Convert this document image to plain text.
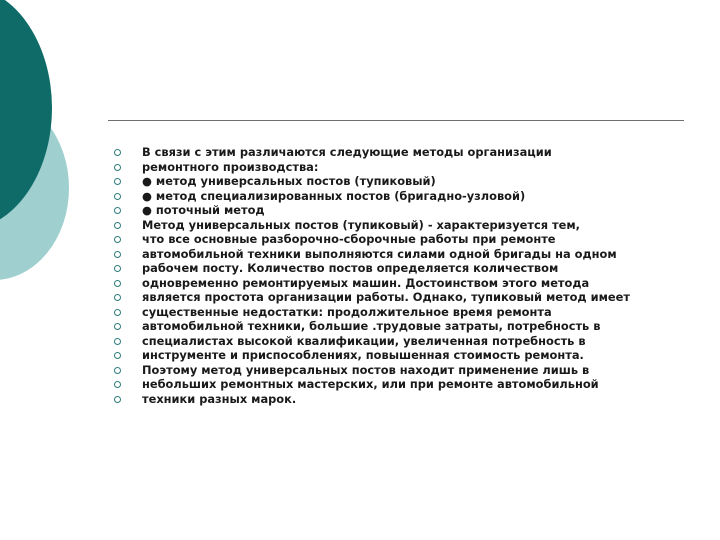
В связи с этим различаются следующие методы организации
ремонтного производства:
● метод универсальных постов (тупиковый)
● метод специализированных постов (бригадно-узловой)
● поточный метод
Метод универсальных постов (тупиковый) - характеризуется тем,
что все основные разборочно-сборочные работы при ремонте
автомобильной техники выполняются силами одной бригады на одном
рабочем посту. Количество постов определяется количеством
одновременно ремонтируемых машин. Достоинством этого метода
является простота организации работы. Однако, тупиковый метод имеет
существенные недостатки: продолжительное время ремонта
автомобильной техники, большие .трудовые затраты, потребность в
специалистах высокой квалификации, увеличенная потребность в
инструменте и приспособлениях, повышенная стоимость ремонта.
Поэтому метод универсальных постов находит применение лишь в
небольших ремонтных мастерских, или при ремонте автомобильной
техники разных марок.
